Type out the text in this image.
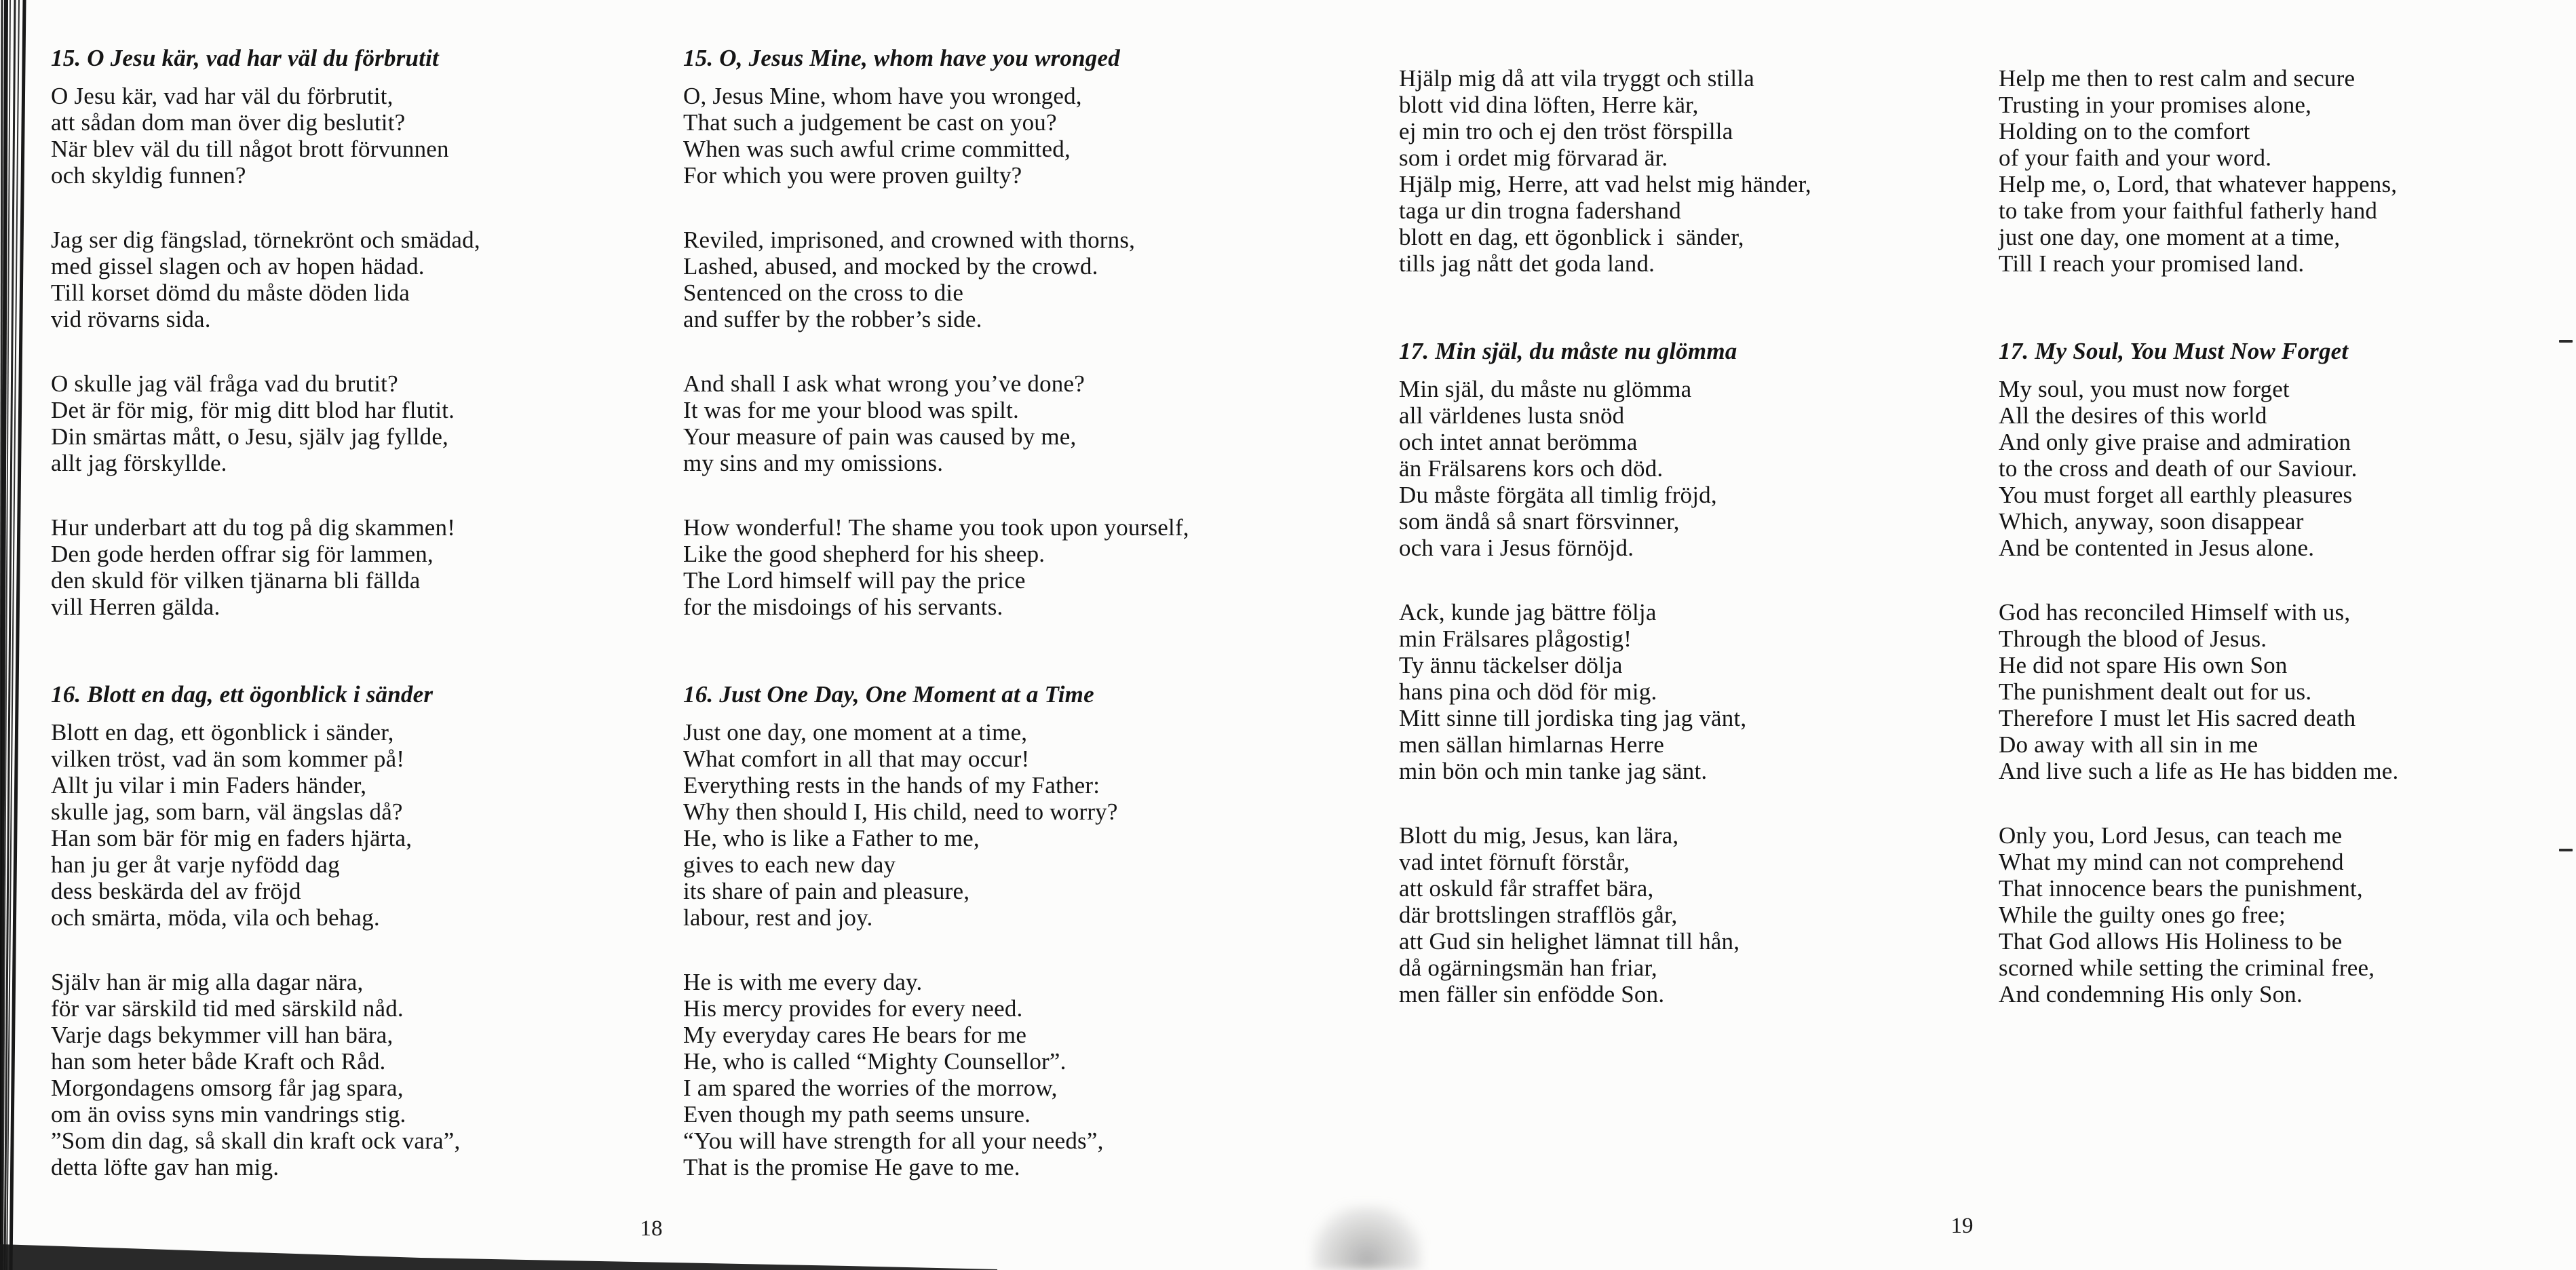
15. O Jesu kär, vad har väl du förbrutit
O Jesu kär, vad har väl du förbrutit,
att sådan dom man över dig beslutit?
När blev väl du till något brott förvunnen
och skyldig funnen?
Jag ser dig fängslad, törnekrönt och smädad,
med gissel slagen och av hopen hädad.
Till korset dömd du måste döden lida
vid rövarns sida.
O skulle jag väl fråga vad du brutit?
Det är för mig, för mig ditt blod har flutit.
Din smärtas mått, o Jesu, själv jag fyllde,
allt jag förskyllde.
Hur underbart att du tog på dig skammen!
Den gode herden offrar sig för lammen,
den skuld för vilken tjänarna bli fällda
vill Herren gälda.
16. Blott en dag, ett ögonblick i sänder
Blott en dag, ett ögonblick i sänder,
vilken tröst, vad än som kommer på!
Allt ju vilar i min Faders händer,
skulle jag, som barn, väl ängslas då?
Han som bär för mig en faders hjärta,
han ju ger åt varje nyfödd dag
dess beskärda del av fröjd
och smärta, möda, vila och behag.
Själv han är mig alla dagar nära,
för var särskild tid med särskild nåd.
Varje dags bekymmer vill han bära,
han som heter både Kraft och Råd.
Morgondagens omsorg får jag spara,
om än oviss syns min vandrings stig.
”Som din dag, så skall din kraft ock vara”,
detta löfte gav han mig.
15. O, Jesus Mine, whom have you wronged
O, Jesus Mine, whom have you wronged,
That such a judgement be cast on you?
When was such awful crime committed,
For which you were proven guilty?
Reviled, imprisoned, and crowned with thorns,
Lashed, abused, and mocked by the crowd.
Sentenced on the cross to die
and suffer by the robber’s side.
And shall I ask what wrong you’ve done?
It was for me your blood was spilt.
Your measure of pain was caused by me,
my sins and my omissions.
How wonderful! The shame you took upon yourself,
Like the good shepherd for his sheep.
The Lord himself will pay the price
for the misdoings of his servants.
16. Just One Day, One Moment at a Time
Just one day, one moment at a time,
What comfort in all that may occur!
Everything rests in the hands of my Father:
Why then should I, His child, need to worry?
He, who is like a Father to me,
gives to each new day
its share of pain and pleasure,
labour, rest and joy.
He is with me every day.
His mercy provides for every need.
My everyday cares He bears for me
He, who is called “Mighty Counsellor”.
I am spared the worries of the morrow,
Even though my path seems unsure.
“You will have strength for all your needs”,
That is the promise He gave to me.
Hjälp mig då att vila tryggt och stilla
blott vid dina löften, Herre kär,
ej min tro och ej den tröst förspilla
som i ordet mig förvarad är.
Hjälp mig, Herre, att vad helst mig händer,
taga ur din trogna fadershand
blott en dag, ett ögonblick i  sänder,
tills jag nått det goda land.
17. Min själ, du måste nu glömma
Min själ, du måste nu glömma
all världenes lusta snöd
och intet annat berömma
än Frälsarens kors och död.
Du måste förgäta all timlig fröjd,
som ändå så snart försvinner,
och vara i Jesus förnöjd.
Ack, kunde jag bättre följa
min Frälsares plågostig!
Ty ännu täckelser dölja
hans pina och död för mig.
Mitt sinne till jordiska ting jag vänt,
men sällan himlarnas Herre
min bön och min tanke jag sänt.
Blott du mig, Jesus, kan lära,
vad intet förnuft förstår,
att oskuld får straffet bära,
där brottslingen strafflös går,
att Gud sin helighet lämnat till hån,
då ogärningsmän han friar,
men fäller sin enfödde Son.
Help me then to rest calm and secure
Trusting in your promises alone,
Holding on to the comfort
of your faith and your word.
Help me, o, Lord, that whatever happens,
to take from your faithful fatherly hand
just one day, one moment at a time,
Till I reach your promised land.
17. My Soul, You Must Now Forget
My soul, you must now forget
All the desires of this world
And only give praise and admiration
to the cross and death of our Saviour.
You must forget all earthly pleasures
Which, anyway, soon disappear
And be contented in Jesus alone.
God has reconciled Himself with us,
Through the blood of Jesus.
He did not spare His own Son
The punishment dealt out for us.
Therefore I must let His sacred death
Do away with all sin in me
And live such a life as He has bidden me.
Only you, Lord Jesus, can teach me
What my mind can not comprehend
That innocence bears the punishment,
While the guilty ones go free;
That God allows His Holiness to be
scorned while setting the criminal free,
And condemning His only Son.
18	19
